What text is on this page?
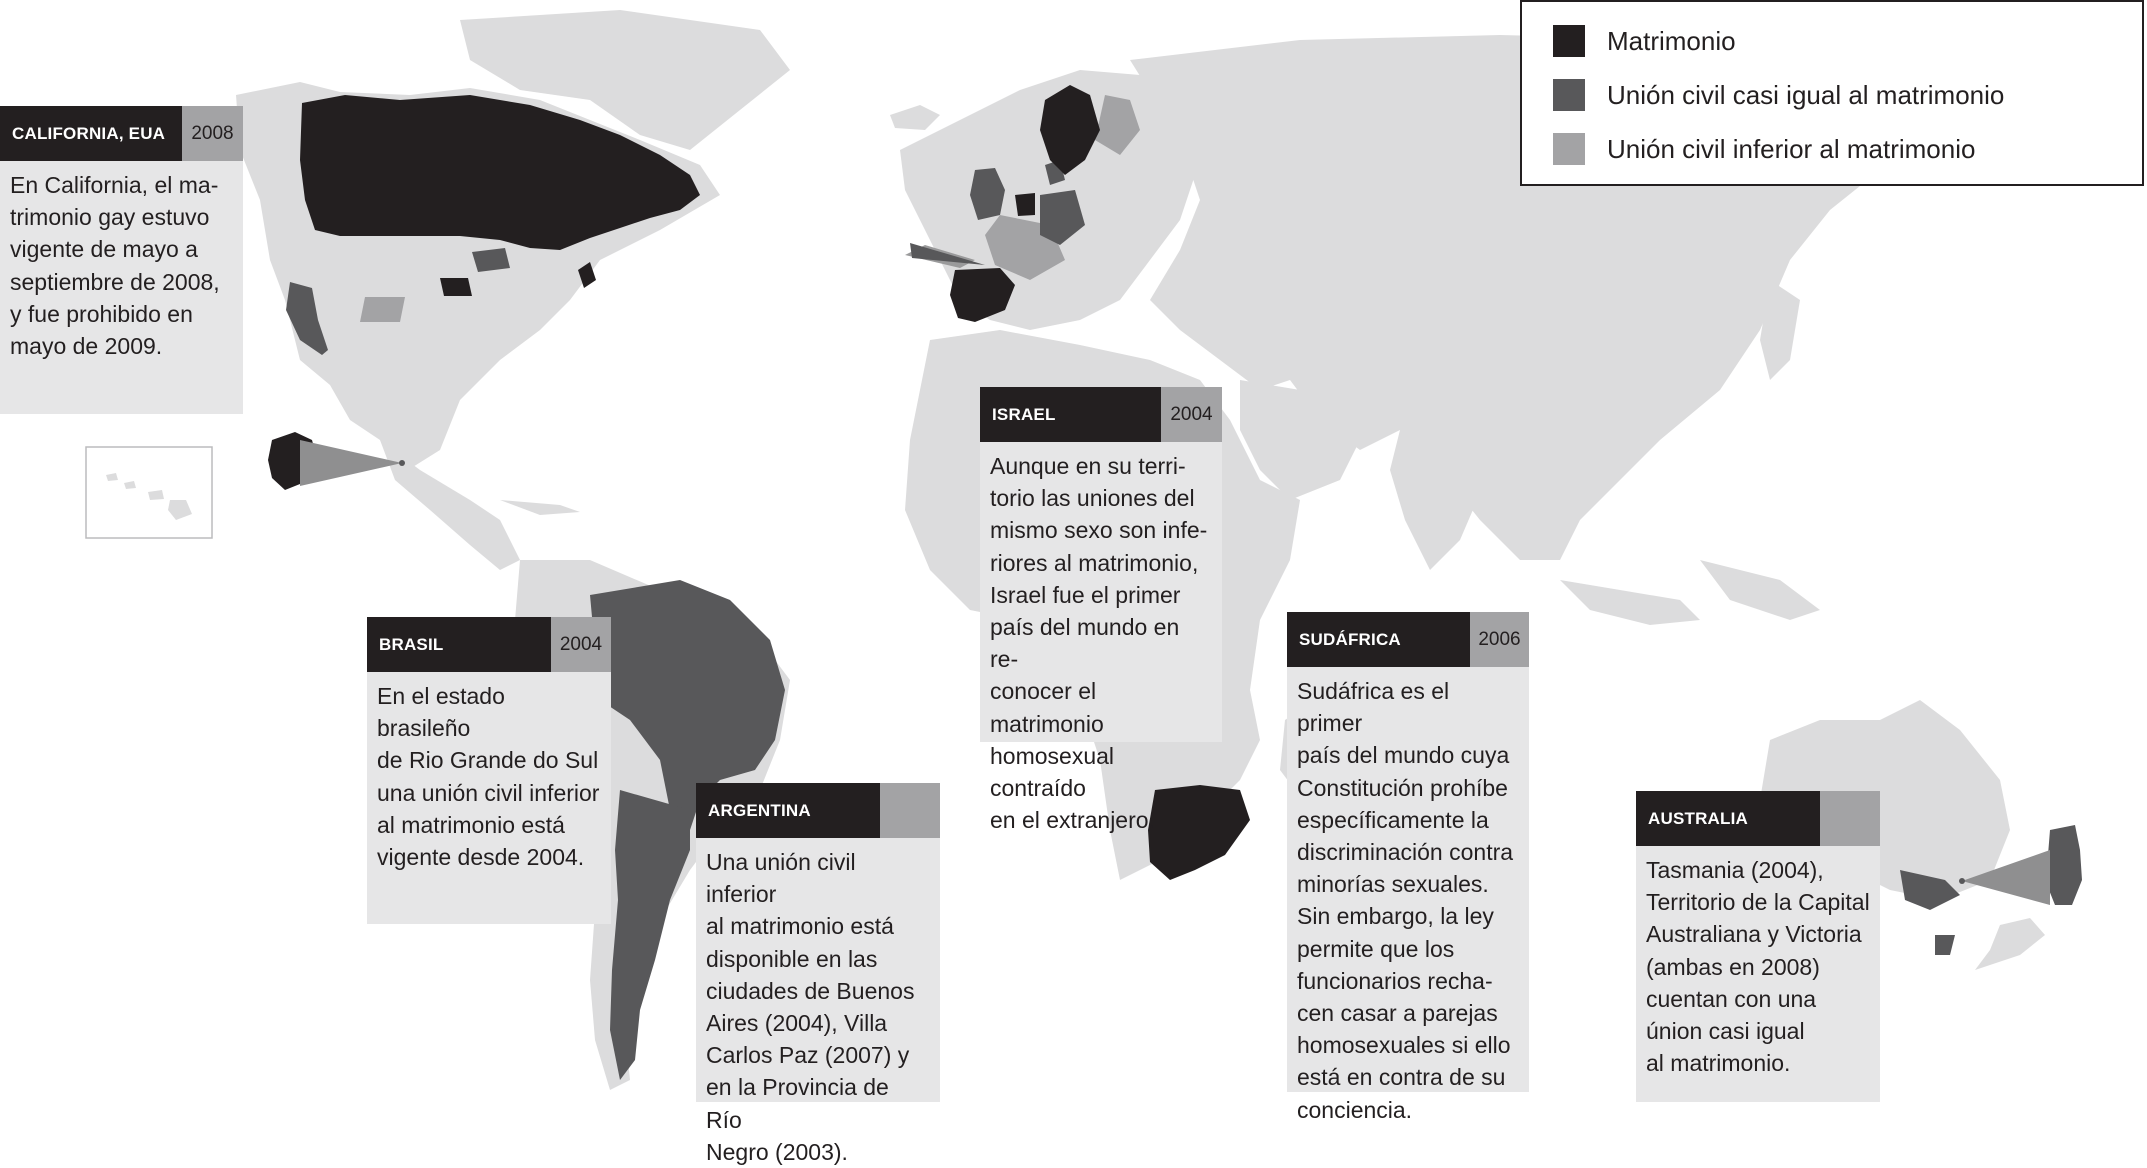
Matrimonio
Unión civil casi igual al matrimonio
Unión civil inferior al matrimonio
CALIFORNIA, EUA	2008
En California, el ma-
trimonio gay estuvo
vigente de mayo a
septiembre de 2008,
y fue prohibido en
mayo de 2009.
ISRAEL	2004
Aunque en su terri-
torio las uniones del
mismo sexo son infe-
riores al matrimonio,
Israel fue el primer
país del mundo en re-
conocer el matrimonio
homosexual contraído
en el extranjero.
SUDÁFRICA	2006
Sudáfrica es el primer
país del mundo cuya
Constitución prohíbe
específicamente la
discriminación contra
minorías sexuales.
Sin embargo, la ley
permite que los
funcionarios recha-
cen casar a parejas
homosexuales si ello
está en contra de su
conciencia.
BRASIL	2004
En el estado brasileño
de Rio Grande do Sul
una unión civil inferior
al matrimonio está
vigente desde 2004.
ARGENTINA
Una unión civil inferior
al matrimonio está
disponible en las
ciudades de Buenos
Aires (2004), Villa
Carlos Paz (2007) y
en la Provincia de Río
Negro (2003).
AUSTRALIA
Tasmania (2004),
Territorio de la Capital
Australiana y Victoria
(ambas en 2008)
cuentan con una
únion casi igual
al matrimonio.
